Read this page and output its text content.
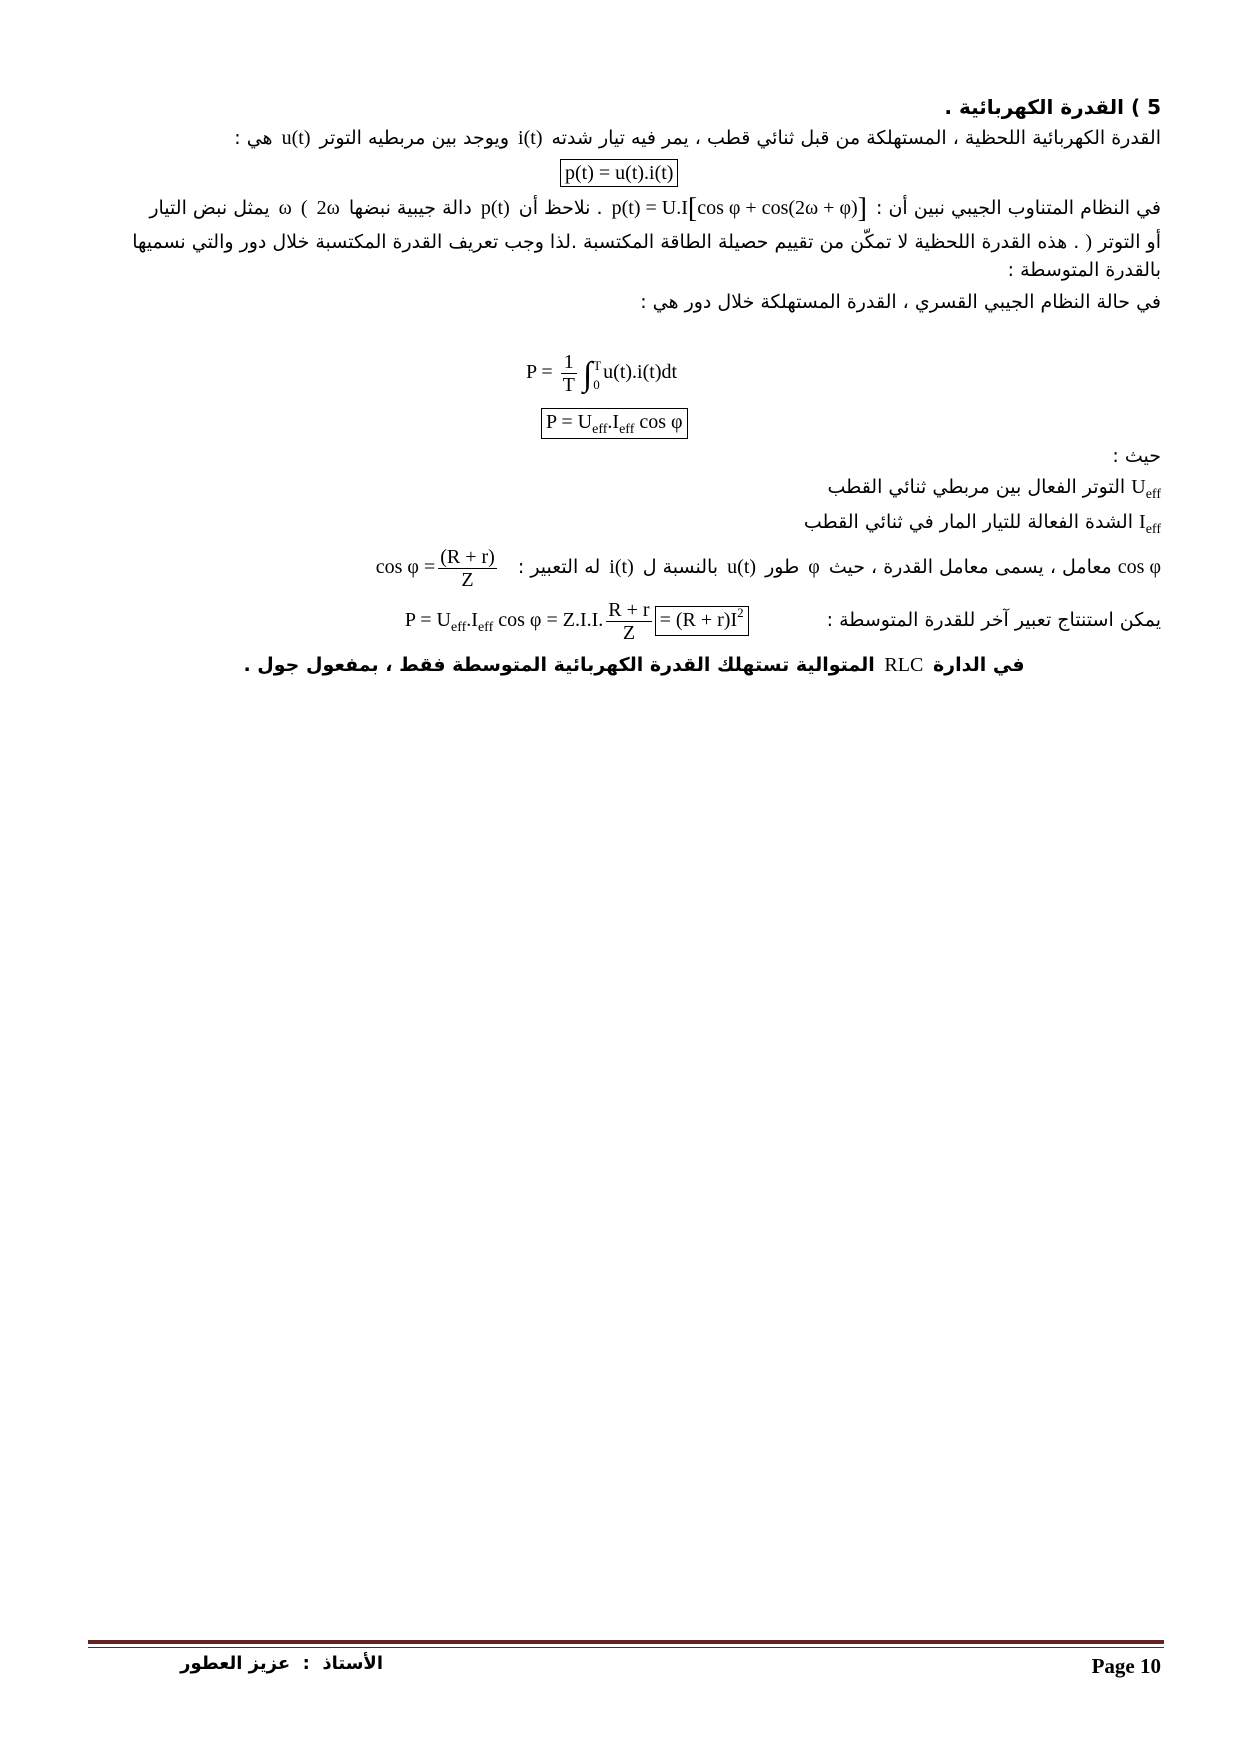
5 ) القدرة الكهربائية .
القدرة الكهربائية اللحظية ، المستهلكة من قبل ثنائي قطب ، يمر فيه تيار شدته i(t) ويوجد بين مربطيه التوتر u(t) هي :
p(t) = u(t).i(t)
في النظام المتناوب الجيبي نبين أن : p(t) = U.I[cos φ + cos(2ω + φ)] . نلاحظ أن p(t) دالة جيبية نبضها 2ω ( ω يمثل نبض التيار
أو التوتر ) . هذه القدرة اللحظية لا تمكّن من تقييم حصيلة الطاقة المكتسبة .لذا وجب تعريف القدرة المكتسبة خلال دور والتي نسميها
بالقدرة المتوسطة :
في حالة النظام الجيبي القسري ، القدرة المستهلكة خلال دور هي :
$P = \frac{1}{T}$ ∫ T
0
u(t).i(t)dt
$P = U_{eff}.I_{eff}$ cos φ
حيث :
$U_{eff}$ التوتر الفعال بين مربطي ثنائي القطب
$I_{eff}$ الشدة الفعالة للتيار المار في ثنائي القطب
cos φ معامل ، يسمى معامل القدرة ، حيث φ طور u(t) بالنسبة ل i(t) له التعبير : $\cos \varphi = \frac{(R + r)}{Z}$
يمكن استنتاج تعبير آخر للقدرة المتوسطة : $P = U_{eff}.I_{eff}$ cos φ = Z.I.I. $\frac{R + r}{Z} = (R + r)I^2$
في الدارة RLC المتوالية تستهلك القدرة الكهربائية المتوسطة فقط ، بمفعول جول .
Page 10
الأستاذ  :  عزيز العطور
